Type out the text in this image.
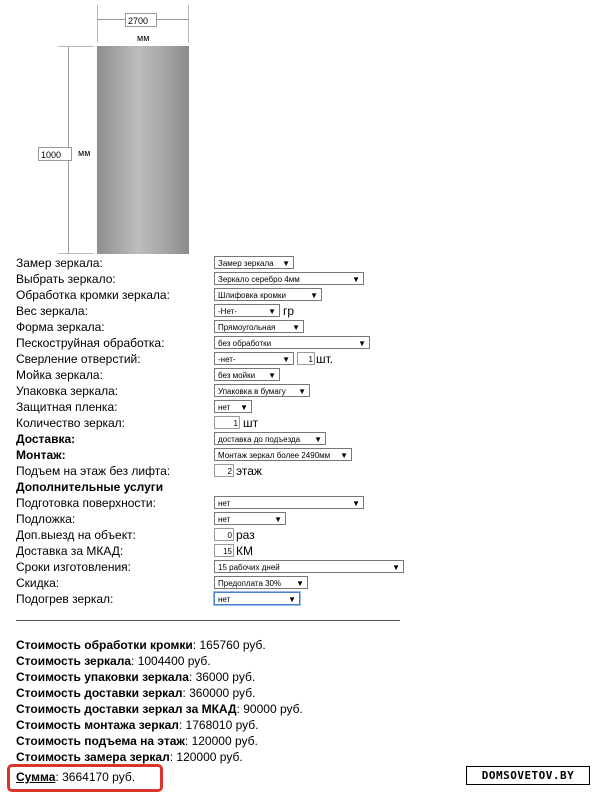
2700
мм
1000	мм
Замер зеркала:	Замер зеркала ▼
Выбрать зеркало:	Зеркало серебро 4мм	▼
Обработка кромки зеркала:	Шлифовка кромки	▼
Вес зеркала:	-Нет-	▼ гр
Форма зеркала:	Прямоугольная ▼
Пескоструйная обработка:	без обработки	▼
Сверление отверстий:	-нет-	▼	1 шт.
Мойка зеркала:	без мойки ▼
Упаковка зеркала:	Упаковка в бумагу ▼
Защитная пленка:	нет ▼
Количество зеркал:	1 шт
Доставка:	доставка до подъезда ▼
Монтаж:	Монтаж зеркал более 2490мм ▼
Подъем на этаж без лифта:	2 этаж
Дополнительные услуги
Подготовка поверхности:	нет	▼
Подложка:	нет	▼
Доп.выезд на объект:	0 раз
Доставка за МКАД:	15 КМ
Сроки изготовления:	15 рабочих дней	▼
Скидка:	Предоплата 30% ▼
Подогрев зеркал:	нет	▼
Стоимость обработки кромки: 165760 руб.
Стоимость зеркала: 1004400 руб.
Стоимость упаковки зеркала: 36000 руб.
Стоимость доставки зеркал: 360000 руб.
Стоимость доставки зеркал за МКАД: 90000 руб.
Стоимость монтажа зеркал: 1768010 руб.
Стоимость подъема на этаж: 120000 руб.
Стоимость замера зеркал: 120000 руб.
Сумма: 3664170 руб.	DOMSOVETOV.BY
